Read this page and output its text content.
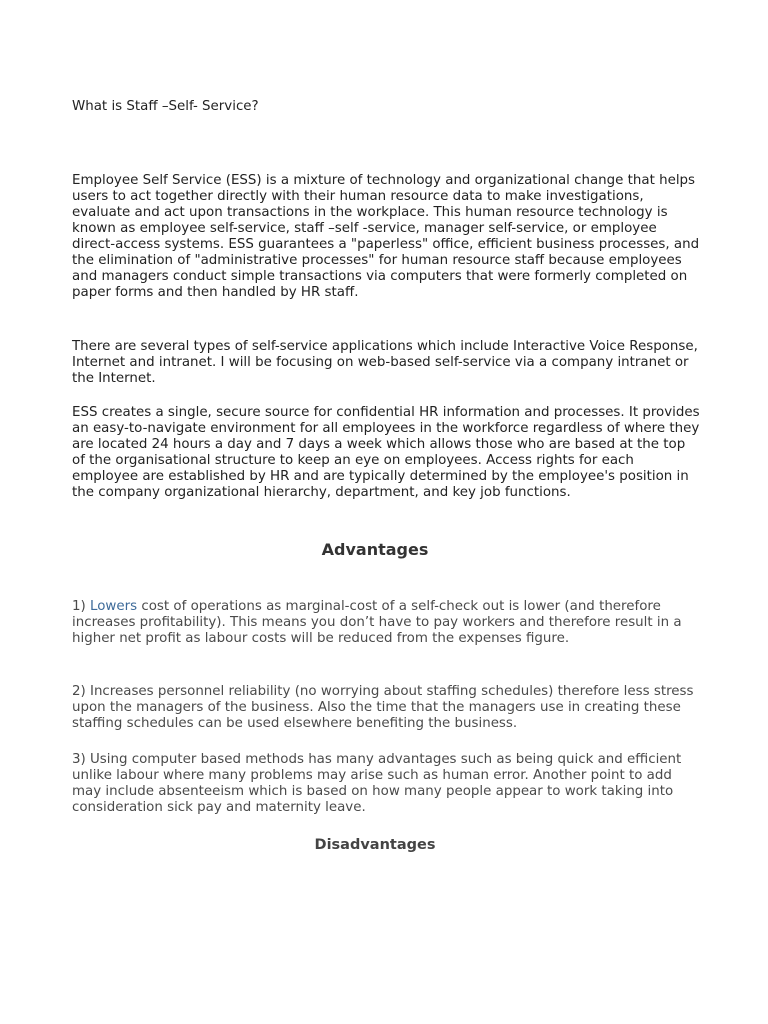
What is Staff –Self- Service?

Employee Self Service (ESS) is a mixture of technology and organizational change that helps users to act together directly with their human resource data to make investigations, evaluate and act upon transactions in the workplace. This human resource technology is known as employee self-service, staff –self -service, manager self-service, or employee direct-access systems. ESS guarantees a "paperless" office, efficient business processes, and the elimination of "administrative processes" for human resource staff because employees and managers conduct simple transactions via computers that were formerly completed on paper forms and then handled by HR staff.

There are several types of self-service applications which include Interactive Voice Response, Internet and intranet. I will be focusing on web-based self-service via a company intranet or the Internet.

ESS creates a single, secure source for confidential HR information and processes. It provides an easy-to-navigate environment for all employees in the workforce regardless of where they are located 24 hours a day and 7 days a week which allows those who are based at the top of the organisational structure to keep an eye on employees. Access rights for each employee are established by HR and are typically determined by the employee's position in the company organizational hierarchy, department, and key job functions.

Advantages

1) Lowers cost of operations as marginal-cost of a self-check out is lower (and therefore increases profitability). This means you don’t have to pay workers and therefore result in a higher net profit as labour costs will be reduced from the expenses figure.

2) Increases personnel reliability (no worrying about staffing schedules) therefore less stress upon the managers of the business. Also the time that the managers use in creating these staffing schedules can be used elsewhere benefiting the business.

3) Using computer based methods has many advantages such as being quick and efficient unlike labour where many problems may arise such as human error. Another point to add may include absenteeism which is based on how many people appear to work taking into consideration sick pay and maternity leave.

Disadvantages
